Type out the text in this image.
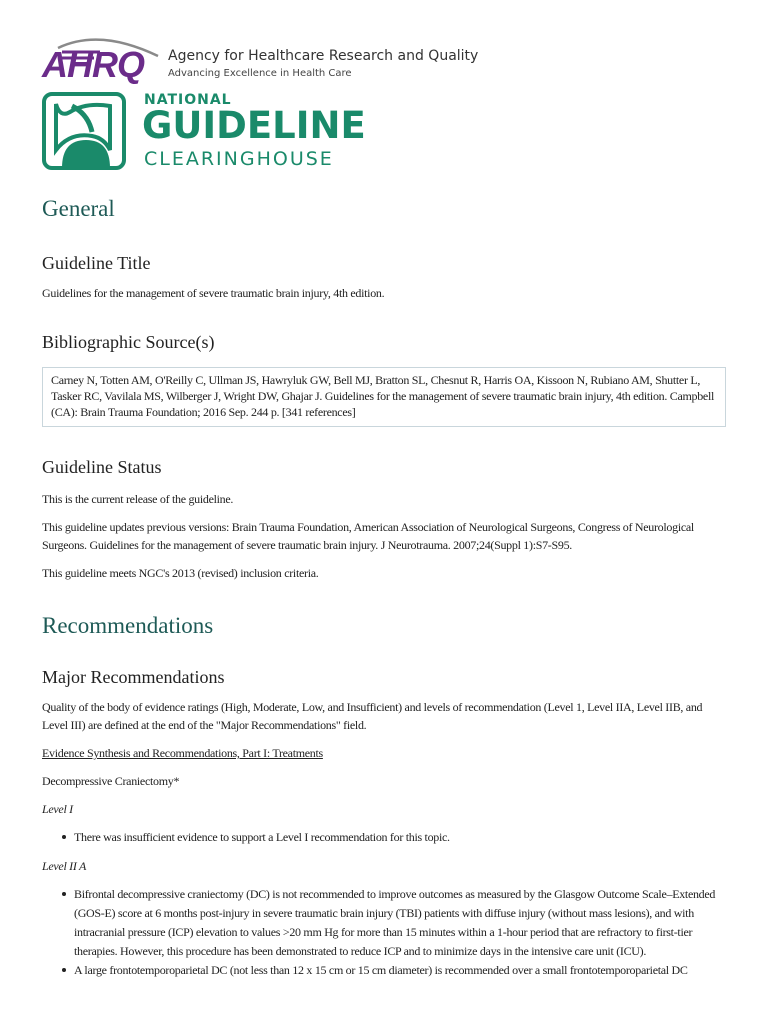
AHRQ Agency for Healthcare Research and Quality
Advancing Excellence in Health Care
NATIONAL
GUIDELINE
CLEARINGHOUSE
General
Guideline Title

Guidelines for the management of severe traumatic brain injury, 4th edition.

Bibliographic Source(s)
Carney N, Totten AM, O'Reilly C, Ullman JS, Hawryluk GW, Bell MJ, Bratton SL, Chesnut R, Harris OA, Kissoon N, Rubiano AM, Shutter L, Tasker RC, Vavilala MS, Wilberger J, Wright DW, Ghajar J. Guidelines for the management of severe traumatic brain injury, 4th edition. Campbell (CA): Brain Trauma Foundation; 2016 Sep. 244 p. [341 references]
Guideline Status

This is the current release of the guideline.

This guideline updates previous versions: Brain Trauma Foundation, American Association of Neurological Surgeons, Congress of Neurological Surgeons. Guidelines for the management of severe traumatic brain injury. J Neurotrauma. 2007;24(Suppl 1):S7-S95.

This guideline meets NGC's 2013 (revised) inclusion criteria.

Recommendations
Major Recommendations

Quality of the body of evidence ratings (High, Moderate, Low, and Insufficient) and levels of recommendation (Level 1, Level IIA, Level IIB, and Level III) are defined at the end of the "Major Recommendations" field.

Evidence Synthesis and Recommendations, Part I: Treatments

Decompressive Craniectomy*

Level I

There was insufficient evidence to support a Level I recommendation for this topic.

Level II A

Bifrontal decompressive craniectomy (DC) is not recommended to improve outcomes as measured by the Glasgow Outcome Scale–Extended (GOS-E) score at 6 months post-injury in severe traumatic brain injury (TBI) patients with diffuse injury (without mass lesions), and with intracranial pressure (ICP) elevation to values >20 mm Hg for more than 15 minutes within a 1-hour period that are refractory to first-tier therapies. However, this procedure has been demonstrated to reduce ICP and to minimize days in the intensive care unit (ICU).
A large frontotemporoparietal DC (not less than 12 x 15 cm or 15 cm diameter) is recommended over a small frontotemporoparietal DC
